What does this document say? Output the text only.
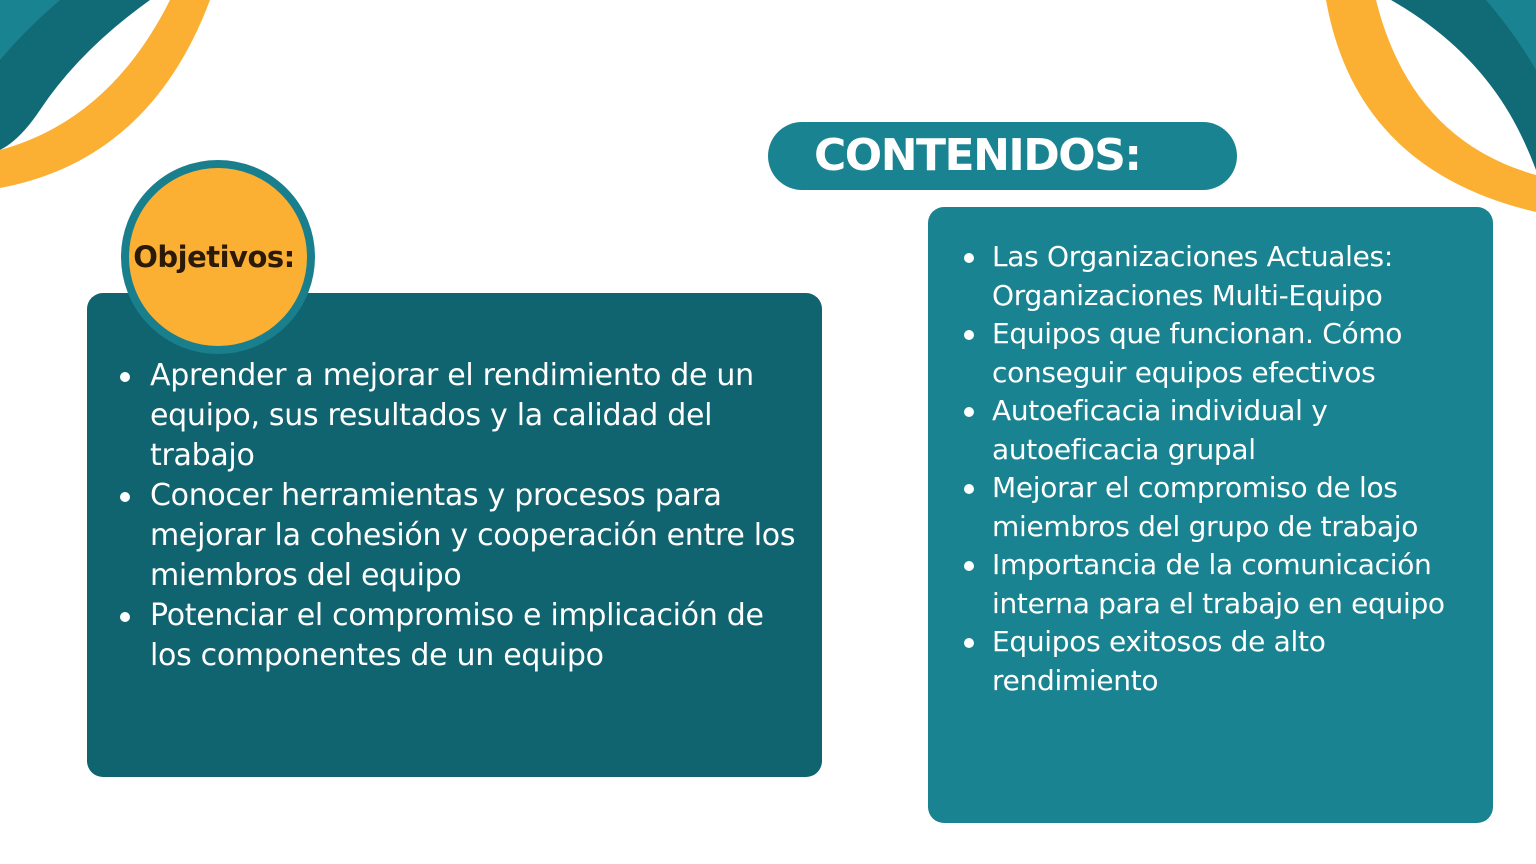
Aprender a mejorar el rendimiento de un equipo, sus resultados y la calidad del trabajo
Conocer herramientas y procesos para mejorar la cohesión y cooperación entre los miembros del equipo
Potenciar el compromiso e implicación de los componentes de un equipo
Objetivos:
CONTENIDOS:
Las Organizaciones Actuales: Organizaciones Multi-Equipo
Equipos que funcionan. Cómo conseguir equipos efectivos
Autoeficacia individual y autoeficacia grupal
Mejorar el compromiso de los miembros del grupo de trabajo
Importancia de la comunicación interna para el trabajo en equipo
Equipos exitosos de alto rendimiento
